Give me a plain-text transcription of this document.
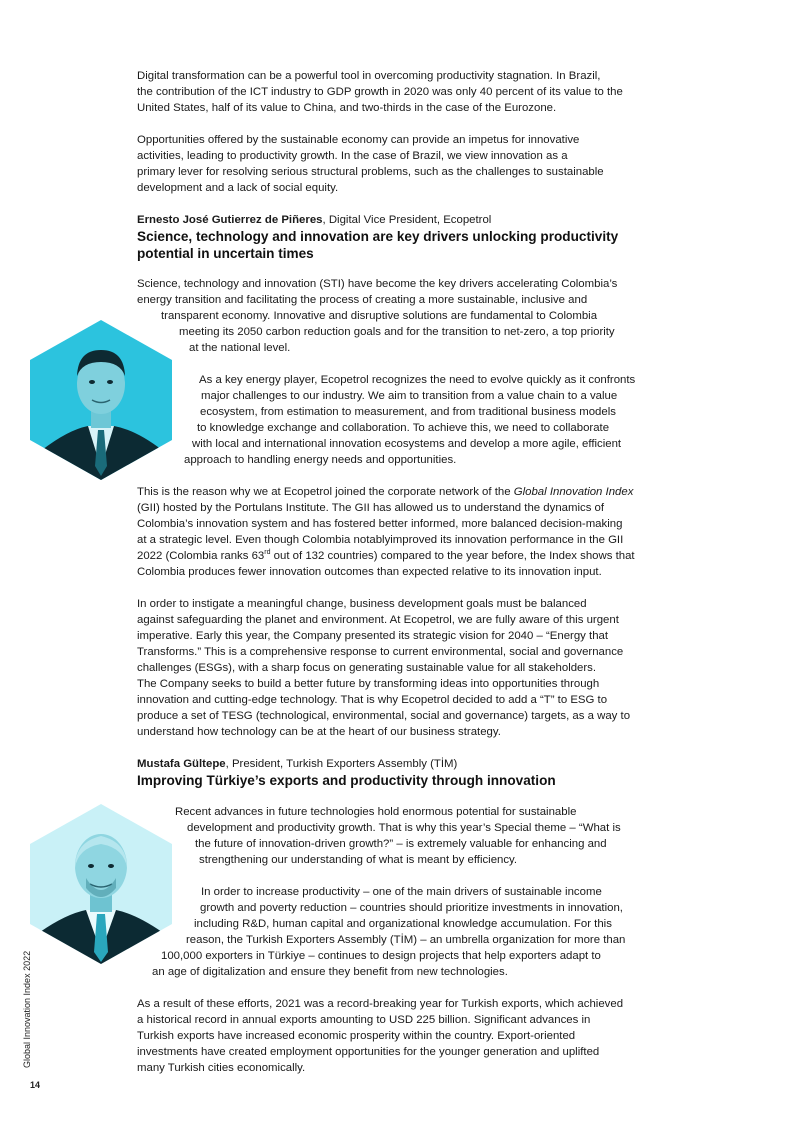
Digital transformation can be a powerful tool in overcoming productivity stagnation. In Brazil,
the contribution of the ICT industry to GDP growth in 2020 was only 40 percent of its value to the
United States, half of its value to China, and two-thirds in the case of the Eurozone.
Opportunities offered by the sustainable economy can provide an impetus for innovative
activities, leading to productivity growth. In the case of Brazil, we view innovation as a
primary lever for resolving serious structural problems, such as the challenges to sustainable
development and a lack of social equity.
Ernesto José Gutierrez de Piñeres, Digital Vice President, Ecopetrol
Science, technology and innovation are key drivers unlocking productivity
potential in uncertain times
Science, technology and innovation (STI) have become the key drivers accelerating Colombia’s
energy transition and facilitating the process of creating a more sustainable, inclusive and
transparent economy. Innovative and disruptive solutions are fundamental to Colombia
meeting its 2050 carbon reduction goals and for the transition to net-zero, a top priority
at the national level.
As a key energy player, Ecopetrol recognizes the need to evolve quickly as it confronts
major challenges to our industry. We aim to transition from a value chain to a value
ecosystem, from estimation to measurement, and from traditional business models
to knowledge exchange and collaboration. To achieve this, we need to collaborate
with local and international innovation ecosystems and develop a more agile, efficient
approach to handling energy needs and opportunities.
This is the reason why we at Ecopetrol joined the corporate network of the Global Innovation Index
(GII) hosted by the Portulans Institute. The GII has allowed us to understand the dynamics of
Colombia’s innovation system and has fostered better informed, more balanced decision-making
at a strategic level. Even though Colombia notablyimproved its innovation performance in the GII
2022 (Colombia ranks 63rd out of 132 countries) compared to the year before, the Index shows that
Colombia produces fewer innovation outcomes than expected relative to its innovation input.
In order to instigate a meaningful change, business development goals must be balanced
against safeguarding the planet and environment. At Ecopetrol, we are fully aware of this urgent
imperative. Early this year, the Company presented its strategic vision for 2040 – “Energy that
Transforms.” This is a comprehensive response to current environmental, social and governance
challenges (ESGs), with a sharp focus on generating sustainable value for all stakeholders.
The Company seeks to build a better future by transforming ideas into opportunities through
innovation and cutting-edge technology. That is why Ecopetrol decided to add a “T” to ESG to
produce a set of TESG (technological, environmental, social and governance) targets, as a way to
understand how technology can be at the heart of our business strategy.
Mustafa Gültepe, President, Turkish Exporters Assembly (TİM)
Improving Türkiye’s exports and productivity through innovation
Recent advances in future technologies hold enormous potential for sustainable
development and productivity growth. That is why this year’s Special theme – “What is
the future of innovation-driven growth?” – is extremely valuable for enhancing and
strengthening our understanding of what is meant by efficiency.
In order to increase productivity – one of the main drivers of sustainable income
growth and poverty reduction – countries should prioritize investments in innovation,
including R&D, human capital and organizational knowledge accumulation. For this
reason, the Turkish Exporters Assembly (TİM) – an umbrella organization for more than
100,000 exporters in Türkiye – continues to design projects that help exporters adapt to
an age of digitalization and ensure they benefit from new technologies.
As a result of these efforts, 2021 was a record-breaking year for Turkish exports, which achieved
a historical record in annual exports amounting to USD 225 billion. Significant advances in
Turkish exports have increased economic prosperity within the country. Export-oriented
investments have created employment opportunities for the younger generation and uplifted
many Turkish cities economically.
Global Innovation Index 2022
14
